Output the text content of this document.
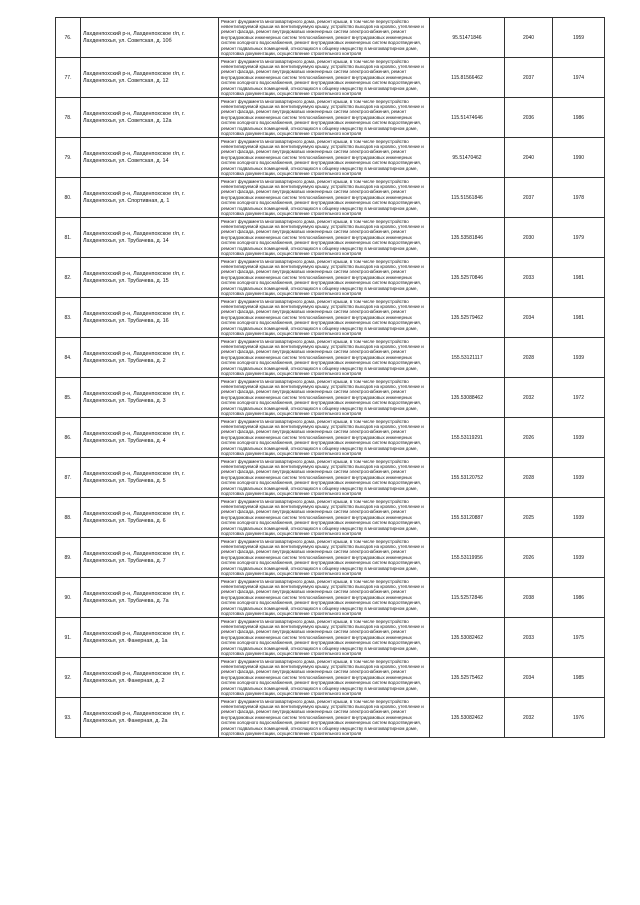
76.	Лахденпохский р-н, Лахденпохское г/п, г. Лахденпохья, ул. Советская, д. 10б	Ремонт фундамента многоквартирного дома, ремонт крыши, в том числе переустройство невентилируемой крыши на вентилируемую крышу, устройство выходов на кровлю, утепление и ремонт фасада, ремонт внутридомовых инженерных систем электроснабжения, ремонт внутридомовых инженерных систем теплоснабжения, ремонт внутридомовых инженерных систем холодного водоснабжения, ремонт внутридомовых инженерных систем водоотведения, ремонт подвальных помещений, относящихся к общему имуществу в многоквартирном доме, подготовка документации, осуществление строительного контроля	95.51471846	2040	1959
77.	Лахденпохский р-н, Лахденпохское г/п, г. Лахденпохья, ул. Советская, д. 12	Ремонт фундамента многоквартирного дома, ремонт крыши, в том числе переустройство невентилируемой крыши на вентилируемую крышу, устройство выходов на кровлю, утепление и ремонт фасада, ремонт внутридомовых инженерных систем электроснабжения, ремонт внутридомовых инженерных систем теплоснабжения, ремонт внутридомовых инженерных систем холодного водоснабжения, ремонт внутридомовых инженерных систем водоотведения, ремонт подвальных помещений, относящихся к общему имуществу в многоквартирном доме, подготовка документации, осуществление строительного контроля	115.81566462	2037	1974
78.	Лахденпохский р-н, Лахденпохское г/п, г. Лахденпохья, ул. Советская, д. 12а	Ремонт фундамента многоквартирного дома, ремонт крыши, в том числе переустройство невентилируемой крыши на вентилируемую крышу, устройство выходов на кровлю, утепление и ремонт фасада, ремонт внутридомовых инженерных систем электроснабжения, ремонт внутридомовых инженерных систем теплоснабжения, ремонт внутридомовых инженерных систем холодного водоснабжения, ремонт внутридомовых инженерных систем водоотведения, ремонт подвальных помещений, относящихся к общему имуществу в многоквартирном доме, подготовка документации, осуществление строительного контроля	115.51474646	2036	1986
79.	Лахденпохский р-н, Лахденпохское г/п, г. Лахденпохья, ул. Советская, д. 14	Ремонт фундамента многоквартирного дома, ремонт крыши, в том числе переустройство невентилируемой крыши на вентилируемую крышу, устройство выходов на кровлю, утепление и ремонт фасада, ремонт внутридомовых инженерных систем электроснабжения, ремонт внутридомовых инженерных систем теплоснабжения, ремонт внутридомовых инженерных систем холодного водоснабжения, ремонт внутридомовых инженерных систем водоотведения, ремонт подвальных помещений, относящихся к общему имуществу в многоквартирном доме, подготовка документации, осуществление строительного контроля	95.51470462	2040	1990
80.	Лахденпохский р-н, Лахденпохское г/п, г. Лахденпохья, ул. Спортивная, д. 1	Ремонт фундамента многоквартирного дома, ремонт крыши, в том числе переустройство невентилируемой крыши на вентилируемую крышу, устройство выходов на кровлю, утепление и ремонт фасада, ремонт внутридомовых инженерных систем электроснабжения, ремонт внутридомовых инженерных систем теплоснабжения, ремонт внутридомовых инженерных систем холодного водоснабжения, ремонт внутридомовых инженерных систем водоотведения, ремонт подвальных помещений, относящихся к общему имуществу в многоквартирном доме, подготовка документации, осуществление строительного контроля	115.51561846	2037	1978
81.	Лахденпохский р-н, Лахденпохское г/п, г. Лахденпохья, ул. Трубачева, д. 14	Ремонт фундамента многоквартирного дома, ремонт крыши, в том числе переустройство невентилируемой крыши на вентилируемую крышу, устройство выходов на кровлю, утепление и ремонт фасада, ремонт внутридомовых инженерных систем электроснабжения, ремонт внутридомовых инженерных систем теплоснабжения, ремонт внутридомовых инженерных систем холодного водоснабжения, ремонт внутридомовых инженерных систем водоотведения, ремонт подвальных помещений, относящихся к общему имуществу в многоквартирном доме, подготовка документации, осуществление строительного контроля	135.53581846	2030	1979
82.	Лахденпохский р-н, Лахденпохское г/п, г. Лахденпохья, ул. Трубачева, д. 15	Ремонт фундамента многоквартирного дома, ремонт крыши, в том числе переустройство невентилируемой крыши на вентилируемую крышу, устройство выходов на кровлю, утепление и ремонт фасада, ремонт внутридомовых инженерных систем электроснабжения, ремонт внутридомовых инженерных систем теплоснабжения, ремонт внутридомовых инженерных систем холодного водоснабжения, ремонт внутридомовых инженерных систем водоотведения, ремонт подвальных помещений, относящихся к общему имуществу в многоквартирном доме, подготовка документации, осуществление строительного контроля	135.52570846	2033	1981
83.	Лахденпохский р-н, Лахденпохское г/п, г. Лахденпохья, ул. Трубачева, д. 16	Ремонт фундамента многоквартирного дома, ремонт крыши, в том числе переустройство невентилируемой крыши на вентилируемую крышу, устройство выходов на кровлю, утепление и ремонт фасада, ремонт внутридомовых инженерных систем электроснабжения, ремонт внутридомовых инженерных систем теплоснабжения, ремонт внутридомовых инженерных систем холодного водоснабжения, ремонт внутридомовых инженерных систем водоотведения, ремонт подвальных помещений, относящихся к общему имуществу в многоквартирном доме, подготовка документации, осуществление строительного контроля	135.52579462	2034	1981
84.	Лахденпохский р-н, Лахденпохское г/п, г. Лахденпохья, ул. Трубачева, д. 2	Ремонт фундамента многоквартирного дома, ремонт крыши, в том числе переустройство невентилируемой крыши на вентилируемую крышу, устройство выходов на кровлю, утепление и ремонт фасада, ремонт внутридомовых инженерных систем электроснабжения, ремонт внутридомовых инженерных систем теплоснабжения, ремонт внутридомовых инженерных систем холодного водоснабжения, ремонт внутридомовых инженерных систем водоотведения, ремонт подвальных помещений, относящихся к общему имуществу в многоквартирном доме, подготовка документации, осуществление строительного контроля	155.53121117	2028	1939
85.	Лахденпохский р-н, Лахденпохское г/п, г. Лахденпохья, ул. Трубачева, д. 3	Ремонт фундамента многоквартирного дома, ремонт крыши, в том числе переустройство невентилируемой крыши на вентилируемую крышу, устройство выходов на кровлю, утепление и ремонт фасада, ремонт внутридомовых инженерных систем электроснабжения, ремонт внутридомовых инженерных систем теплоснабжения, ремонт внутридомовых инженерных систем холодного водоснабжения, ремонт внутридомовых инженерных систем водоотведения, ремонт подвальных помещений, относящихся к общему имуществу в многоквартирном доме, подготовка документации, осуществление строительного контроля	135.53088462	2032	1972
86.	Лахденпохский р-н, Лахденпохское г/п, г. Лахденпохья, ул. Трубачева, д. 4	Ремонт фундамента многоквартирного дома, ремонт крыши, в том числе переустройство невентилируемой крыши на вентилируемую крышу, устройство выходов на кровлю, утепление и ремонт фасада, ремонт внутридомовых инженерных систем электроснабжения, ремонт внутридомовых инженерных систем теплоснабжения, ремонт внутридомовых инженерных систем холодного водоснабжения, ремонт внутридомовых инженерных систем водоотведения, ремонт подвальных помещений, относящихся к общему имуществу в многоквартирном доме, подготовка документации, осуществление строительного контроля	155.53119291	2026	1939
87.	Лахденпохский р-н, Лахденпохское г/п, г. Лахденпохья, ул. Трубачева, д. 5	Ремонт фундамента многоквартирного дома, ремонт крыши, в том числе переустройство невентилируемой крыши на вентилируемую крышу, устройство выходов на кровлю, утепление и ремонт фасада, ремонт внутридомовых инженерных систем электроснабжения, ремонт внутридомовых инженерных систем теплоснабжения, ремонт внутридомовых инженерных систем холодного водоснабжения, ремонт внутридомовых инженерных систем водоотведения, ремонт подвальных помещений, относящихся к общему имуществу в многоквартирном доме, подготовка документации, осуществление строительного контроля	155.53120752	2028	1939
88.	Лахденпохский р-н, Лахденпохское г/п, г. Лахденпохья, ул. Трубачева, д. 6	Ремонт фундамента многоквартирного дома, ремонт крыши, в том числе переустройство невентилируемой крыши на вентилируемую крышу, устройство выходов на кровлю, утепление и ремонт фасада, ремонт внутридомовых инженерных систем электроснабжения, ремонт внутридомовых инженерных систем теплоснабжения, ремонт внутридомовых инженерных систем холодного водоснабжения, ремонт внутридомовых инженерных систем водоотведения, ремонт подвальных помещений, относящихся к общему имуществу в многоквартирном доме, подготовка документации, осуществление строительного контроля	155.53120887	2025	1939
89.	Лахденпохский р-н, Лахденпохское г/п, г. Лахденпохья, ул. Трубачева, д. 7	Ремонт фундамента многоквартирного дома, ремонт крыши, в том числе переустройство невентилируемой крыши на вентилируемую крышу, устройство выходов на кровлю, утепление и ремонт фасада, ремонт внутридомовых инженерных систем электроснабжения, ремонт внутридомовых инженерных систем теплоснабжения, ремонт внутридомовых инженерных систем холодного водоснабжения, ремонт внутридомовых инженерных систем водоотведения, ремонт подвальных помещений, относящихся к общему имуществу в многоквартирном доме, подготовка документации, осуществление строительного контроля	155.53119956	2026	1939
90.	Лахденпохский р-н, Лахденпохское г/п, г. Лахденпохья, ул. Трубачева, д. 7а	Ремонт фундамента многоквартирного дома, ремонт крыши, в том числе переустройство невентилируемой крыши на вентилируемую крышу, устройство выходов на кровлю, утепление и ремонт фасада, ремонт внутридомовых инженерных систем электроснабжения, ремонт внутридомовых инженерных систем теплоснабжения, ремонт внутридомовых инженерных систем холодного водоснабжения, ремонт внутридомовых инженерных систем водоотведения, ремонт подвальных помещений, относящихся к общему имуществу в многоквартирном доме, подготовка документации, осуществление строительного контроля	115.52572846	2038	1986
91.	Лахденпохский р-н, Лахденпохское г/п, г. Лахденпохья, ул. Фанерная, д. 1а	Ремонт фундамента многоквартирного дома, ремонт крыши, в том числе переустройство невентилируемой крыши на вентилируемую крышу, устройство выходов на кровлю, утепление и ремонт фасада, ремонт внутридомовых инженерных систем электроснабжения, ремонт внутридомовых инженерных систем теплоснабжения, ремонт внутридомовых инженерных систем холодного водоснабжения, ремонт внутридомовых инженерных систем водоотведения, ремонт подвальных помещений, относящихся к общему имуществу в многоквартирном доме, подготовка документации, осуществление строительного контроля	135.53082462	2033	1975
92.	Лахденпохский р-н, Лахденпохское г/п, г. Лахденпохья, ул. Фанерная, д. 2	Ремонт фундамента многоквартирного дома, ремонт крыши, в том числе переустройство невентилируемой крыши на вентилируемую крышу, устройство выходов на кровлю, утепление и ремонт фасада, ремонт внутридомовых инженерных систем электроснабжения, ремонт внутридомовых инженерных систем теплоснабжения, ремонт внутридомовых инженерных систем холодного водоснабжения, ремонт внутридомовых инженерных систем водоотведения, ремонт подвальных помещений, относящихся к общему имуществу в многоквартирном доме, подготовка документации, осуществление строительного контроля	135.52575462	2034	1985
93.	Лахденпохский р-н, Лахденпохское г/п, г. Лахденпохья, ул. Фанерная, д. 2а	Ремонт фундамента многоквартирного дома, ремонт крыши, в том числе переустройство невентилируемой крыши на вентилируемую крышу, устройство выходов на кровлю, утепление и ремонт фасада, ремонт внутридомовых инженерных систем электроснабжения, ремонт внутридомовых инженерных систем теплоснабжения, ремонт внутридомовых инженерных систем холодного водоснабжения, ремонт внутридомовых инженерных систем водоотведения, ремонт подвальных помещений, относящихся к общему имуществу в многоквартирном доме, подготовка документации, осуществление строительного контроля	135.53082462	2032	1976
